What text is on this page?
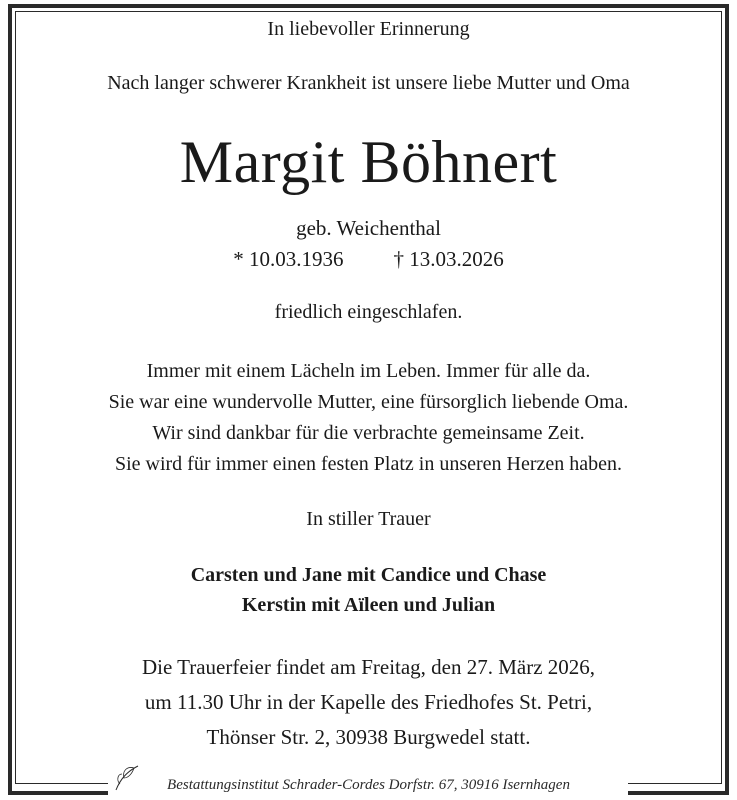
In liebevoller Erinnerung
Nach langer schwerer Krankheit ist unsere liebe Mutter und Oma
Margit Böhnert
geb. Weichenthal
* 10.03.1936 † 13.03.2026
friedlich eingeschlafen.
Immer mit einem Lächeln im Leben. Immer für alle da.
Sie war eine wundervolle Mutter, eine fürsorglich liebende Oma.
Wir sind dankbar für die verbrachte gemeinsame Zeit.
Sie wird für immer einen festen Platz in unseren Herzen haben.
In stiller Trauer
Carsten und Jane mit Candice und Chase
Kerstin mit Aïleen und Julian
Die Trauerfeier findet am Freitag, den 27. März 2026,
um 11.30 Uhr in der Kapelle des Friedhofes St. Petri,
Thönser Str. 2, 30938 Burgwedel statt.
Bestattungsinstitut Schrader-Cordes Dorfstr. 67, 30916 Isernhagen
